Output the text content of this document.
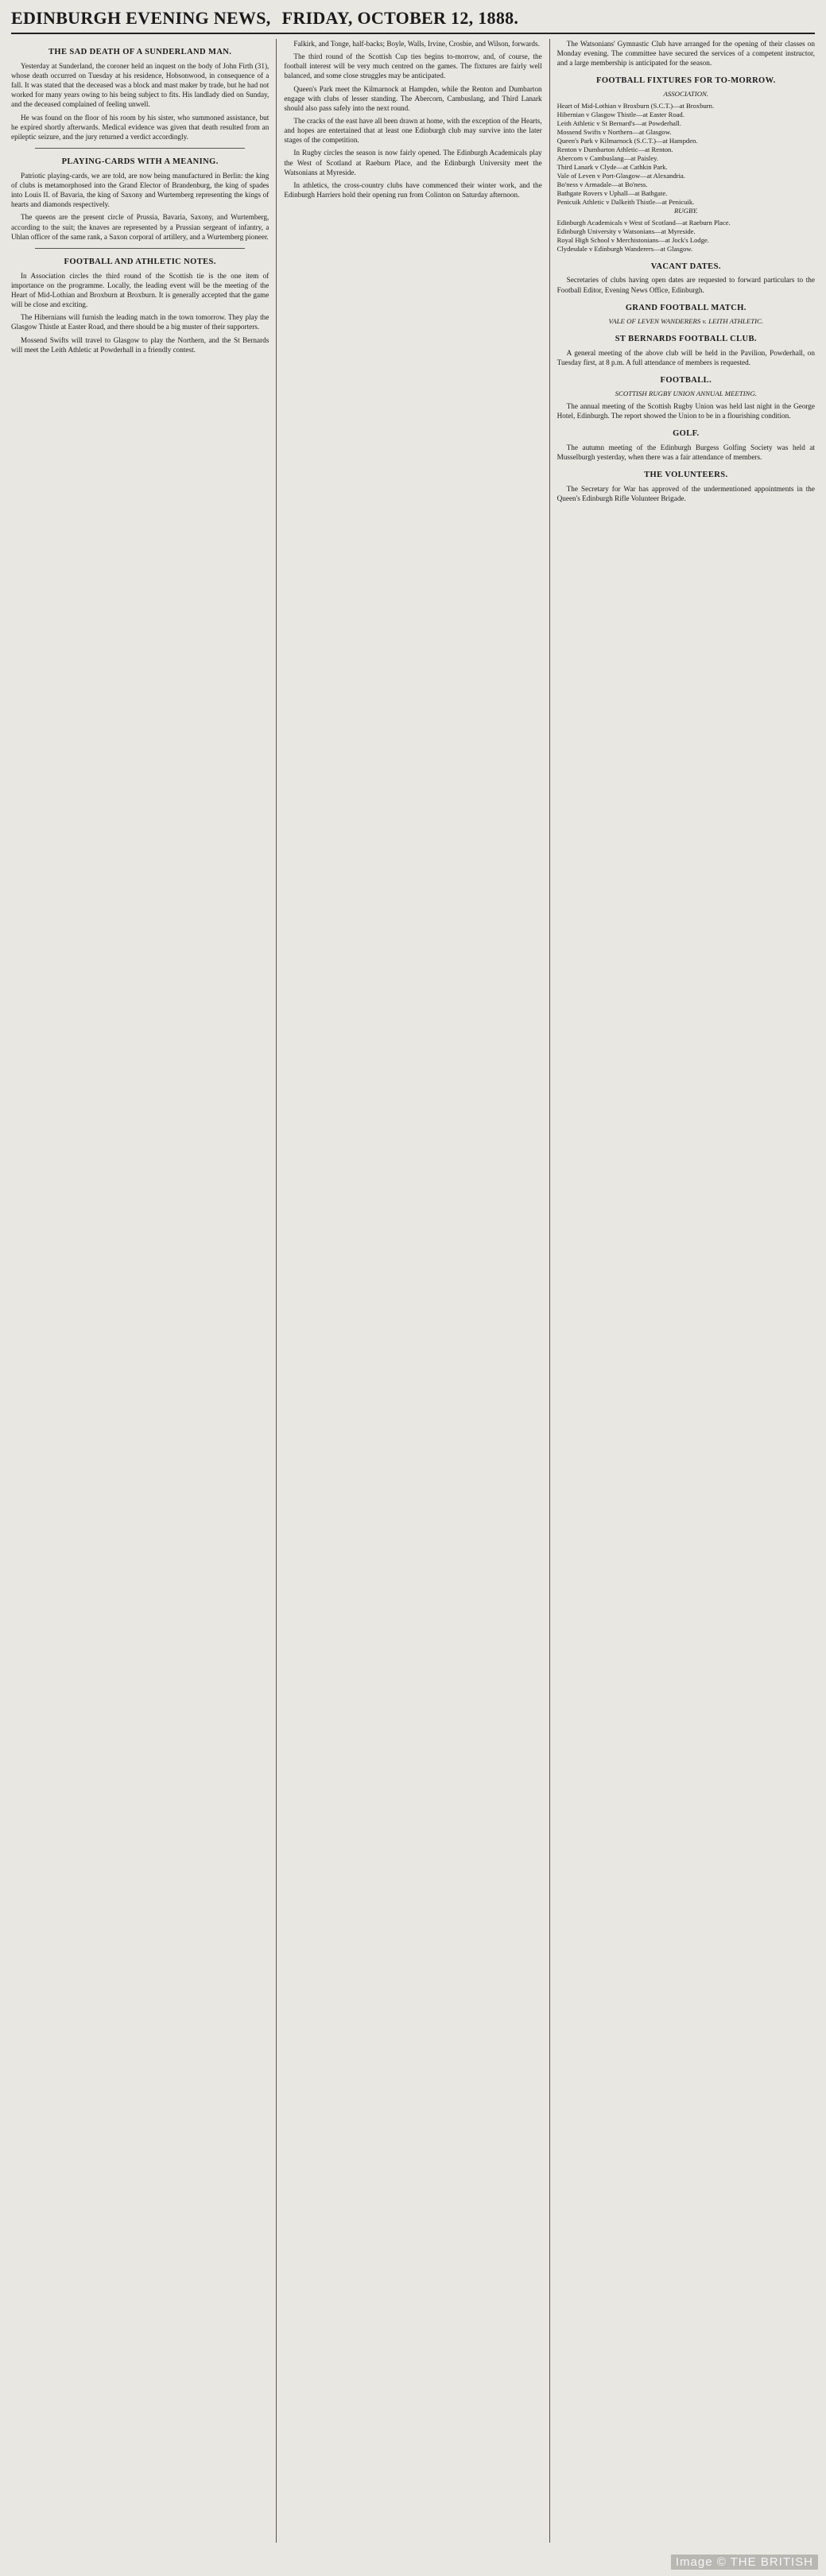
EDINBURGH EVENING NEWS, FRIDAY, OCTOBER 12, 1888.
THE SAD DEATH OF A SUNDERLAND MAN.

Yesterday at Sunderland, the coroner held an inquest on the body of John Firth (31), whose death occurred on Tuesday at his residence, Hobsonwood, in consequence of a fall. It was stated that the deceased was a block and mast maker by trade, but he had not worked for many years owing to his being subject to fits. His landlady died on Sunday, and the deceased complained of feeling unwell.

He was found on the floor of his room by his sister, who summoned assistance, but he expired shortly afterwards. Medical evidence was given that death resulted from an epileptic seizure, and the jury returned a verdict accordingly.

PLAYING-CARDS WITH A MEANING.

Patriotic playing-cards, we are told, are now being manufactured in Berlin: the king of clubs is metamorphosed into the Grand Elector of Brandenburg, the king of spades into Louis II. of Bavaria, the king of Saxony and Wurtemberg representing the kings of hearts and diamonds respectively.

The queens are the present circle of Prussia, Bavaria, Saxony, and Wurtemberg, according to the suit; the knaves are represented by a Prussian sergeant of infantry, a Uhlan officer of the same rank, a Saxon corporal of artillery, and a Wurtemberg pioneer.

FOOTBALL AND ATHLETIC NOTES.

In Association circles the third round of the Scottish tie is the one item of importance on the programme. Locally, the leading event will be the meeting of the Heart of Mid-Lothian and Broxburn at Broxburn. It is generally accepted that the game will be close and exciting.

The Hibernians will furnish the leading match in the town tomorrow. They play the Glasgow Thistle at Easter Road, and there should be a big muster of their supporters.

Mossend Swifts will travel to Glasgow to play the Northern, and the St Bernards will meet the Leith Athletic at Powderhall in a friendly contest.

Falkirk, and Tonge, half-backs; Boyle, Walls, Irvine, Crosbie, and Wilson, forwards.

The third round of the Scottish Cup ties begins to-morrow, and, of course, the football interest will be very much centred on the games. The fixtures are fairly well balanced, and some close struggles may be anticipated.

Queen's Park meet the Kilmarnock at Hampden, while the Renton and Dumbarton engage with clubs of lesser standing. The Abercorn, Cambuslang, and Third Lanark should also pass safely into the next round.

The cracks of the east have all been drawn at home, with the exception of the Hearts, and hopes are entertained that at least one Edinburgh club may survive into the later stages of the competition.

In Rugby circles the season is now fairly opened. The Edinburgh Academicals play the West of Scotland at Raeburn Place, and the Edinburgh University meet the Watsonians at Myreside.

In athletics, the cross-country clubs have commenced their winter work, and the Edinburgh Harriers hold their opening run from Colinton on Saturday afternoon.

The Watsonians' Gymnastic Club have arranged for the opening of their classes on Monday evening. The committee have secured the services of a competent instructor, and a large membership is anticipated for the season.

FOOTBALL FIXTURES FOR TO-MORROW.
ASSOCIATION.
Heart of Mid-Lothian v Broxburn (S.C.T.)—at Broxburn.
Hibernian v Glasgow Thistle—at Easter Road.
Leith Athletic v St Bernard's—at Powderhall.
Mossend Swifts v Northern—at Glasgow.
Queen's Park v Kilmarnock (S.C.T.)—at Hampden.
Renton v Dumbarton Athletic—at Renton.
Abercorn v Cambuslang—at Paisley.
Third Lanark v Clyde—at Cathkin Park.
Vale of Leven v Port-Glasgow—at Alexandria.
Bo'ness v Armadale—at Bo'ness.
Bathgate Rovers v Uphall—at Bathgate.
Penicuik Athletic v Dalkeith Thistle—at Penicuik.
RUGBY.
Edinburgh Academicals v West of Scotland—at Raeburn Place.
Edinburgh University v Watsonians—at Myreside.
Royal High School v Merchistonians—at Jock's Lodge.
Clydesdale v Edinburgh Wanderers—at Glasgow.
VACANT DATES.

Secretaries of clubs having open dates are requested to forward particulars to the Football Editor, Evening News Office, Edinburgh.

GRAND FOOTBALL MATCH.
VALE OF LEVEN WANDERERS v. LEITH ATHLETIC.
ST BERNARDS FOOTBALL CLUB.

A general meeting of the above club will be held in the Pavilion, Powderhall, on Tuesday first, at 8 p.m. A full attendance of members is requested.

FOOTBALL.
SCOTTISH RUGBY UNION ANNUAL MEETING.

The annual meeting of the Scottish Rugby Union was held last night in the George Hotel, Edinburgh. The report showed the Union to be in a flourishing condition.

GOLF.

The autumn meeting of the Edinburgh Burgess Golfing Society was held at Musselburgh yesterday, when there was a fair attendance of members.

THE VOLUNTEERS.

The Secretary for War has approved of the undermentioned appointments in the Queen's Edinburgh Rifle Volunteer Brigade.

Image © THE BRITISH
